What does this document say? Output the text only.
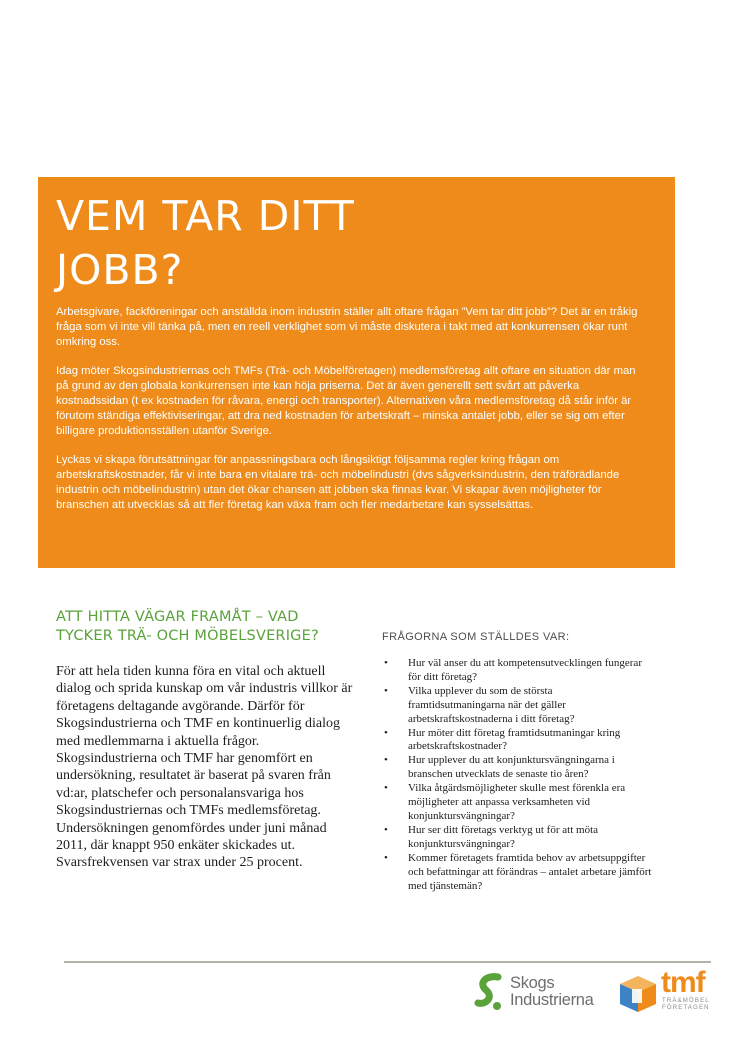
VEM TAR DITT
JOBB?

Arbetsgivare, fackföreningar och anställda inom industrin ställer allt oftare frågan ”Vem tar ditt jobb”? Det är en tråkig fråga som vi inte vill tänka på, men en reell verklighet som vi måste diskutera i takt med att konkurrensen ökar runt omkring oss.

Idag möter Skogsindustriernas och TMFs (Trä- och Möbelföretagen) medlemsföretag allt oftare en situation där man på grund av den globala konkurrensen inte kan höja priserna. Det är även generellt sett svårt att påverka kostnadssidan (t ex kostnaden för råvara, energi och transporter). Alternativen våra medlemsföretag då står inför är förutom ständiga effektiviseringar, att dra ned kostnaden för arbetskraft – minska antalet jobb, eller se sig om efter billigare produktionsställen utanför Sverige.

Lyckas vi skapa förutsättningar för anpassningsbara och långsiktigt följsamma regler kring frågan om arbetskraftskostnader, får vi inte bara en vitalare trä- och möbelindustri (dvs sågverksindustrin, den träförädlande industrin och möbelindustrin) utan det ökar chansen att jobben ska finnas kvar. Vi skapar även möjligheter för branschen att utvecklas så att fler företag kan växa fram och fler medarbetare kan sysselsättas.

ATT HITTA VÄGAR FRAMÅT – VAD TYCKER TRÄ- OCH MÖBELSVERIGE?

För att hela tiden kunna föra en vital och aktuell dialog och sprida kunskap om vår industris villkor är företagens deltagande avgörande. Därför för Skogsindustrierna och TMF en kontinuerlig dialog med medlemmarna i aktuella frågor. Skogsindustrierna och TMF har genomfört en undersökning, resultatet är baserat på svaren från vd:ar, platschefer och personalansvariga hos Skogsindustriernas och TMFs medlemsföretag. Undersökningen genomfördes under juni månad 2011, där knappt 950 enkäter skickades ut. Svarsfrekvensen var strax under 25 procent.

FRÅGORNA SOM STÄLLDES VAR:
• Hur väl anser du att kompetensutvecklingen fungerar för ditt företag?
• Vilka upplever du som de största framtidsutmaningarna när det gäller arbetskraftskostnaderna i ditt företag?
• Hur möter ditt företag framtidsutmaningar kring arbetskraftskostnader?
• Hur upplever du att konjunktursvängningarna i branschen utvecklats de senaste tio åren?
• Vilka åtgärdsmöjligheter skulle mest förenkla era möjligheter att anpassa verksamheten vid konjunktursvängningar?
• Hur ser ditt företags verktyg ut för att möta konjunktursvängningar?
• Kommer företagets framtida behov av arbetsuppgifter och befattningar att förändras – antalet arbetare jämfört med tjänstemän?
Skogs
Industrierna
tmf
TRÄ&MÖBEL
FÖRETAGEN
